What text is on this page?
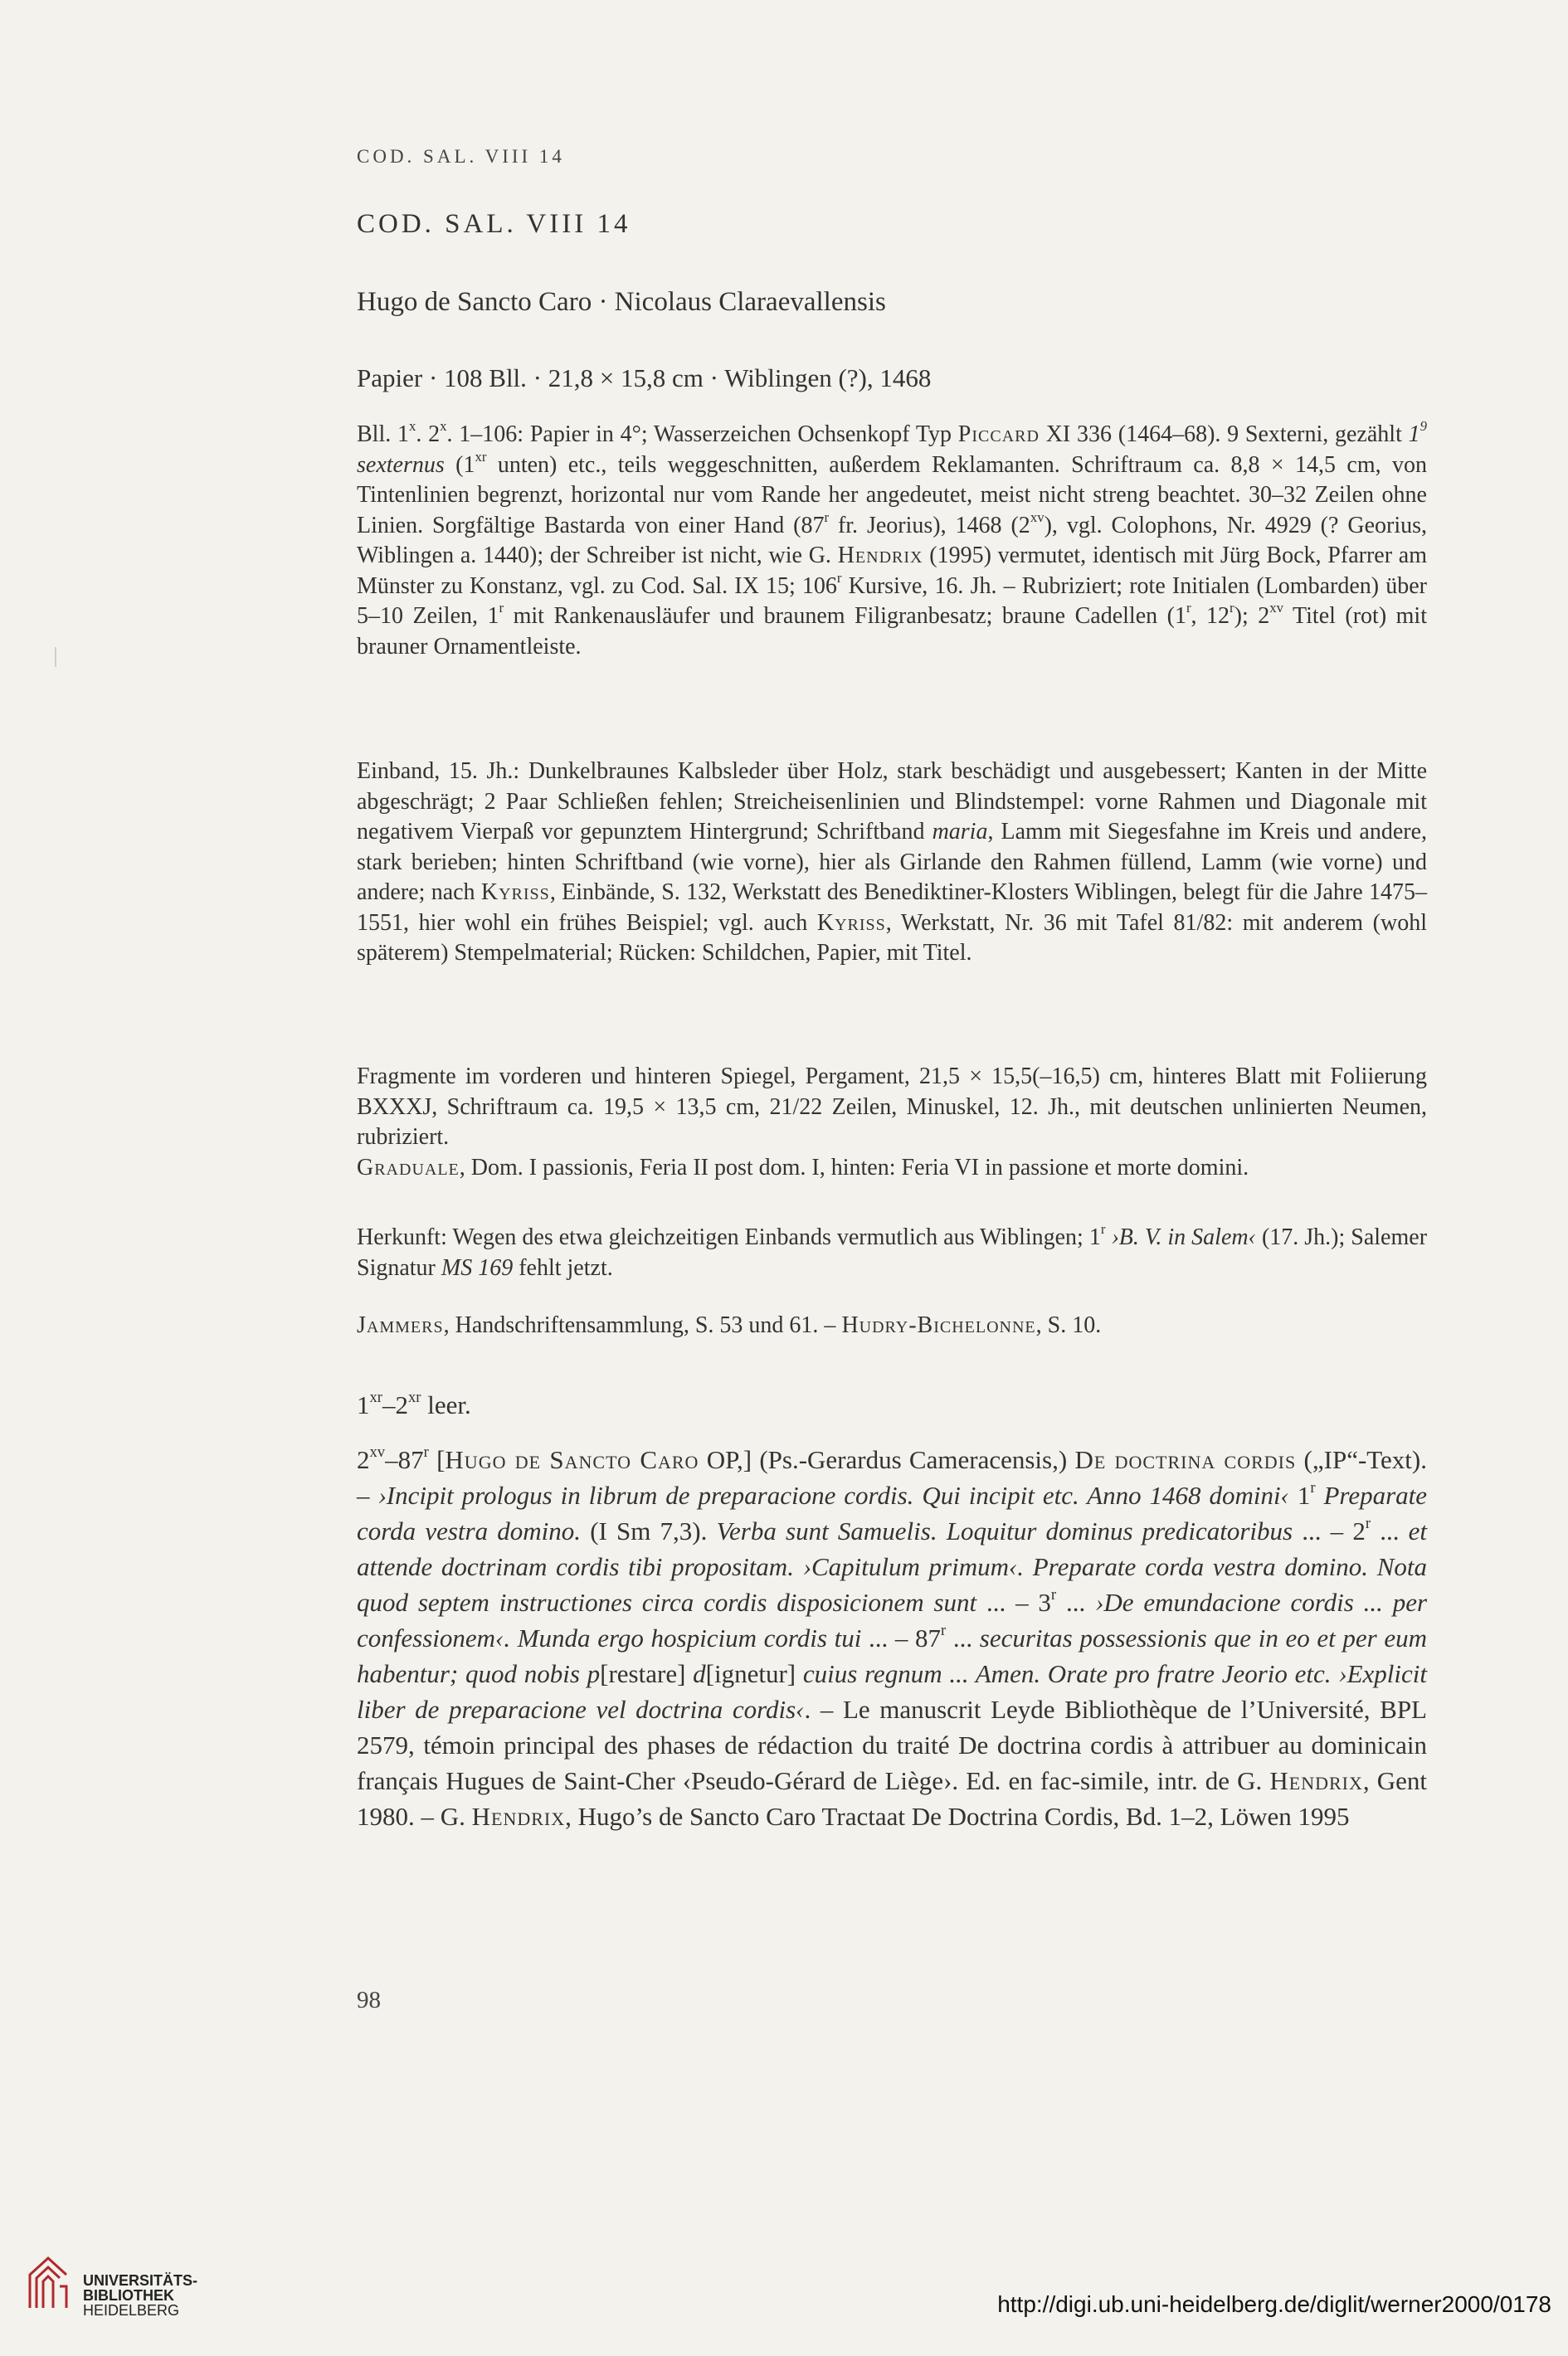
COD. SAL. VIII 14
COD. SAL. VIII 14
Hugo de Sancto Caro · Nicolaus Claraevallensis
Papier · 108 Bll. · 21,8 × 15,8 cm · Wiblingen (?), 1468
Bll. 1$^x$. 2$^x$. 1–106: Papier in 4°; Wasserzeichen Ochsenkopf Typ Piccard XI 336 (1464–68). 9 Sexterni, gezählt $1^9$ sexternus ($1^{xr}$ unten) etc., teils weggeschnitten, außerdem Reklamanten. Schriftraum ca. 8,8 × 14,5 cm, von Tintenlinien begrenzt, horizontal nur vom Rande her angedeutet, meist nicht streng beachtet. 30–32 Zeilen ohne Linien. Sorgfältige Bastarda von einer Hand (87$^r$ fr. Jeorius), 1468 (2$^{xv}$), vgl. Colophons, Nr. 4929 (? Georius, Wiblingen a. 1440); der Schreiber ist nicht, wie G. Hendrix (1995) vermutet, identisch mit Jürg Bock, Pfarrer am Münster zu Konstanz, vgl. zu Cod. Sal. IX 15; 106$^r$ Kursive, 16. Jh. – Rubriziert; rote Initialen (Lombarden) über 5–10 Zeilen, 1$^r$ mit Rankenausläufer und braunem Filigranbesatz; braune Cadellen (1$^r$, 12$^r$); 2$^{xv}$ Titel (rot) mit brauner Ornamentleiste.
Einband, 15. Jh.: Dunkelbraunes Kalbsleder über Holz, stark beschädigt und ausgebessert; Kanten in der Mitte abgeschrägt; 2 Paar Schließen fehlen; Streicheisenlinien und Blindstempel: vorne Rahmen und Diagonale mit negativem Vierpaß vor gepunztem Hintergrund; Schriftband maria, Lamm mit Siegesfahne im Kreis und andere, stark berieben; hinten Schriftband (wie vorne), hier als Girlande den Rahmen füllend, Lamm (wie vorne) und andere; nach Kyriss, Einbände, S. 132, Werkstatt des Benediktiner-Klosters Wiblingen, belegt für die Jahre 1475–1551, hier wohl ein frühes Beispiel; vgl. auch Kyriss, Werkstatt, Nr. 36 mit Tafel 81/82: mit anderem (wohl späterem) Stempelmaterial; Rücken: Schildchen, Papier, mit Titel.
Fragmente im vorderen und hinteren Spiegel, Pergament, 21,5 × 15,5(–16,5) cm, hinteres Blatt mit Foliierung BXXXJ, Schriftraum ca. 19,5 × 13,5 cm, 21/22 Zeilen, Minuskel, 12. Jh., mit deutschen unlinierten Neumen, rubriziert.
Graduale, Dom. I passionis, Feria II post dom. I, hinten: Feria VI in passione et morte domini.
Herkunft: Wegen des etwa gleichzeitigen Einbands vermutlich aus Wiblingen; 1$^r$ ›B. V. in Salem‹ (17. Jh.); Salemer Signatur MS 169 fehlt jetzt.
Jammers, Handschriftensammlung, S. 53 und 61. – Hudry-Bichelonne, S. 10.
$1^{xr}-2^{xr}$ leer.
2$^{xv}$–87$^r$ [Hugo de Sancto Caro OP,] (Ps.-Gerardus Cameracensis,) De doctrina cordis („IP“-Text). – ›Incipit prologus in librum de preparacione cordis. Qui incipit etc. Anno 1468 domini‹ 1$^r$ Preparate corda vestra domino. (I Sm 7,3). Verba sunt Samuelis. Loquitur dominus predicatoribus ... – 2$^r$ ... et attende doctrinam cordis tibi propositam. ›Capitulum primum‹. Preparate corda vestra domino. Nota quod septem instructiones circa cordis disposicionem sunt ... – 3$^r$ ... ›De emundacione cordis ... per confessionem‹. Munda ergo hospicium cordis tui ... – 87$^r$ ... securitas possessionis que in eo et per eum habentur; quod nobis p[restare] d[ignetur] cuius regnum ... Amen. Orate pro fratre Jeorio etc. ›Explicit liber de preparacione vel doctrina cordis‹. – Le manuscrit Leyde Bibliothèque de l’Université, BPL 2579, témoin principal des phases de rédaction du traité De doctrina cordis à attribuer au dominicain français Hugues de Saint-Cher ‹Pseudo-Gérard de Liège›. Ed. en fac-simile, intr. de G. Hendrix, Gent 1980. – G. Hendrix, Hugo’s de Sancto Caro Tractaat De Doctrina Cordis, Bd. 1–2, Löwen 1995
98
UNIVERSITÄTS-
BIBLIOTHEK
HEIDELBERG	http://digi.ub.uni-heidelberg.de/diglit/werner2000/0178
